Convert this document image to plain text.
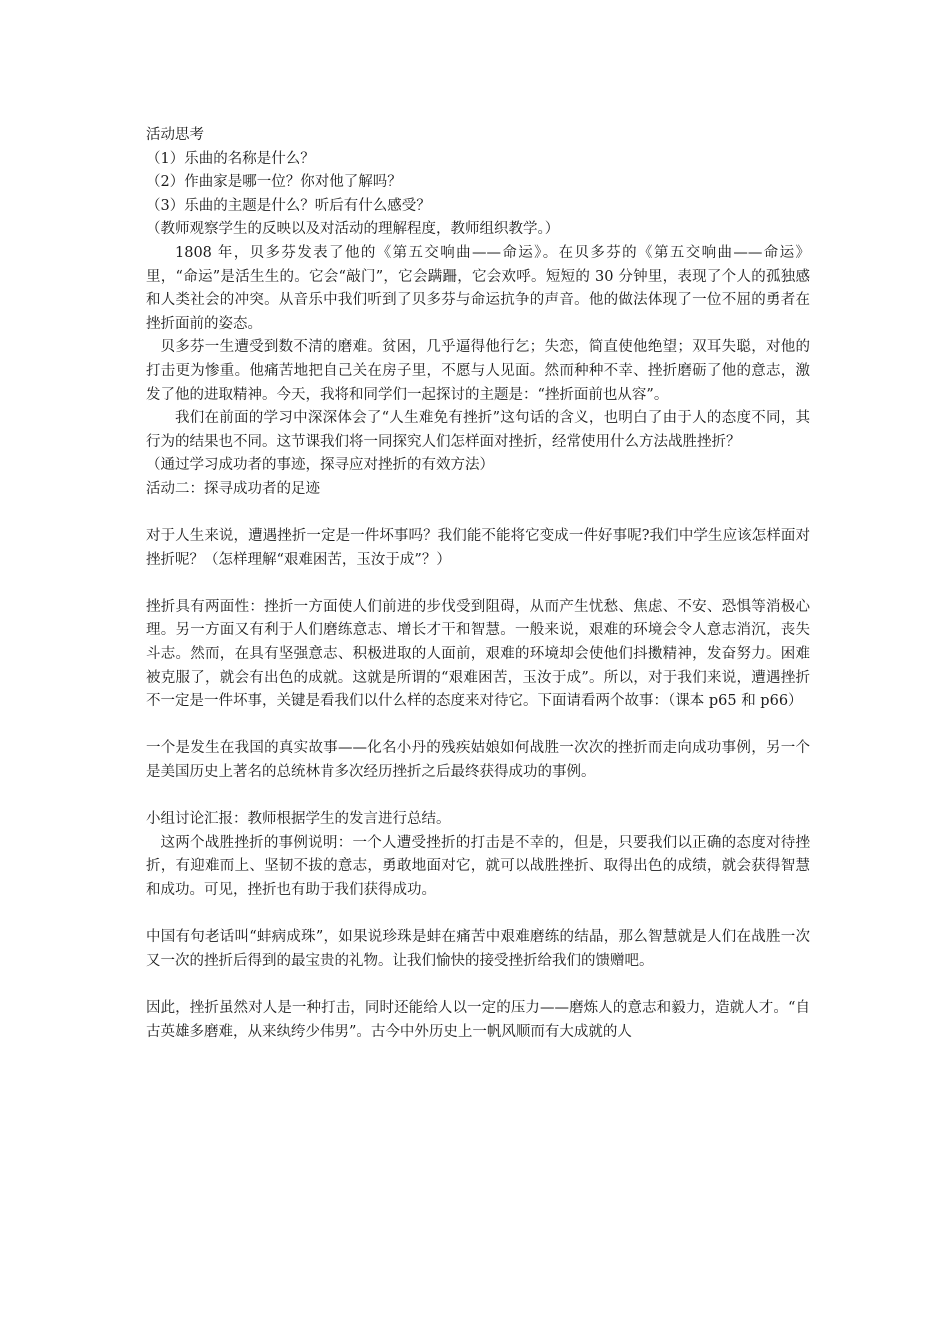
活动思考

（1）乐曲的名称是什么？

（2）作曲家是哪一位？你对他了解吗？

（3）乐曲的主题是什么？听后有什么感受？

（教师观察学生的反映以及对活动的理解程度，教师组织教学。）

1808 年，贝多芬发表了他的《第五交响曲——命运》。在贝多芬的《第五交响曲——命运》里，“命运”是活生生的。它会“敲门”，它会蹒跚，它会欢呼。短短的 30 分钟里，表现了个人的孤独感和人类社会的冲突。从音乐中我们听到了贝多芬与命运抗争的声音。他的做法体现了一位不屈的勇者在挫折面前的姿态。

贝多芬一生遭受到数不清的磨难。贫困，几乎逼得他行乞；失恋，简直使他绝望；双耳失聪，对他的打击更为惨重。他痛苦地把自己关在房子里，不愿与人见面。然而种种不幸、挫折磨砺了他的意志，激发了他的进取精神。今天，我将和同学们一起探讨的主题是：“挫折面前也从容”。

我们在前面的学习中深深体会了“人生难免有挫折”这句话的含义，也明白了由于人的态度不同，其行为的结果也不同。这节课我们将一同探究人们怎样面对挫折，经常使用什么方法战胜挫折？

（通过学习成功者的事迹，探寻应对挫折的有效方法）

活动二：探寻成功者的足迹

对于人生来说，遭遇挫折一定是一件坏事吗？我们能不能将它变成一件好事呢?我们中学生应该怎样面对挫折呢？（怎样理解“艰难困苦，玉汝于成”？）

挫折具有两面性：挫折一方面使人们前进的步伐受到阻碍，从而产生忧愁、焦虑、不安、恐惧等消极心理。另一方面又有利于人们磨练意志、增长才干和智慧。一般来说，艰难的环境会令人意志消沉，丧失斗志。然而，在具有坚强意志、积极进取的人面前，艰难的环境却会使他们抖擞精神，发奋努力。困难被克服了，就会有出色的成就。这就是所谓的“艰难困苦，玉汝于成”。所以，对于我们来说，遭遇挫折不一定是一件坏事，关键是看我们以什么样的态度来对待它。下面请看两个故事：（课本 p65 和 p66）

一个是发生在我国的真实故事——化名小丹的残疾姑娘如何战胜一次次的挫折而走向成功事例，另一个是美国历史上著名的总统林肯多次经历挫折之后最终获得成功的事例。

小组讨论汇报：教师根据学生的发言进行总结。

这两个战胜挫折的事例说明：一个人遭受挫折的打击是不幸的，但是，只要我们以正确的态度对待挫折，有迎难而上、坚韧不拔的意志，勇敢地面对它，就可以战胜挫折、取得出色的成绩，就会获得智慧和成功。可见，挫折也有助于我们获得成功。

中国有句老话叫“蚌病成珠”，如果说珍珠是蚌在痛苦中艰难磨练的结晶，那么智慧就是人们在战胜一次又一次的挫折后得到的最宝贵的礼物。让我们愉快的接受挫折给我们的馈赠吧。

因此，挫折虽然对人是一种打击，同时还能给人以一定的压力——磨炼人的意志和毅力，造就人才。“自古英雄多磨难，从来纨绔少伟男”。古今中外历史上一帆风顺而有大成就的人
